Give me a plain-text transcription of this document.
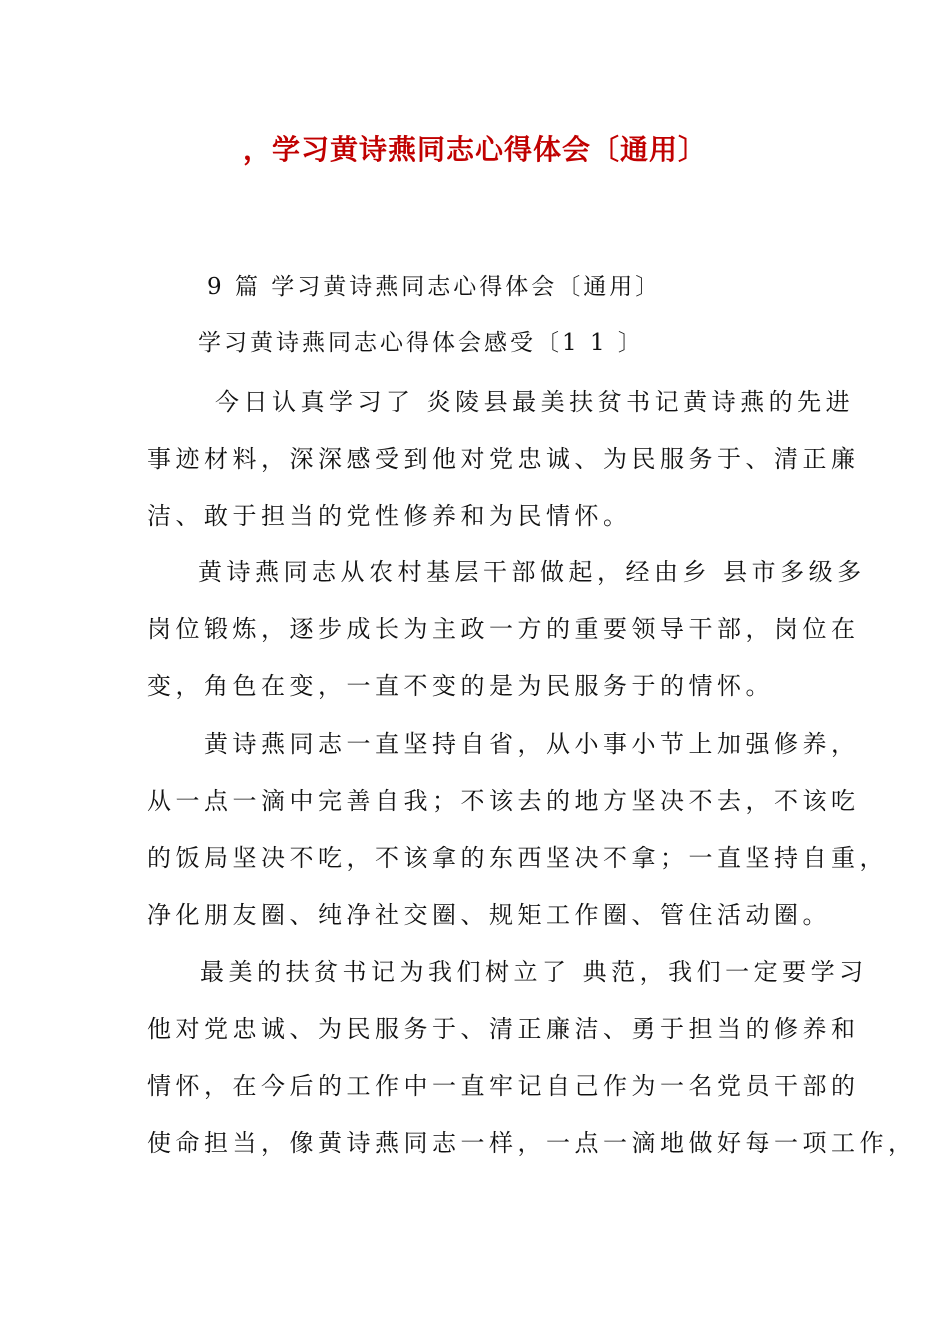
，学习黄诗燕同志心得体会〔通用〕

9 篇 学习黄诗燕同志心得体会〔通用〕

学习黄诗燕同志心得体会感受〔1 1 〕

今日认真学习了 炎陵县最美扶贫书记黄诗燕的先进

事迹材料，深深感受到他对党忠诚、为民服务于、清正廉

洁、敢于担当的党性修养和为民情怀。

黄诗燕同志从农村基层干部做起，经由乡 县市多级多

岗位锻炼，逐步成长为主政一方的重要领导干部，岗位在

变，角色在变，一直不变的是为民服务于的情怀。

黄诗燕同志一直坚持自省，从小事小节上加强修养，

从一点一滴中完善自我；不该去的地方坚决不去，不该吃

的饭局坚决不吃，不该拿的东西坚决不拿；一直坚持自重，

净化朋友圈、纯净社交圈、规矩工作圈、管住活动圈。

最美的扶贫书记为我们树立了 典范，我们一定要学习

他对党忠诚、为民服务于、清正廉洁、勇于担当的修养和

情怀，在今后的工作中一直牢记自己作为一名党员干部的

使命担当，像黄诗燕同志一样，一点一滴地做好每一项工作，
